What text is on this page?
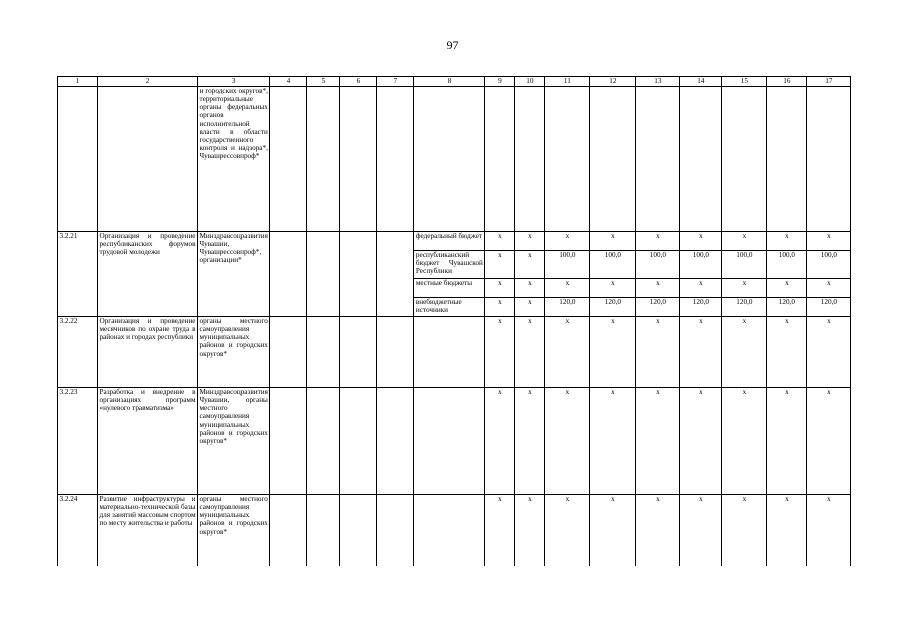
97
1	2	3	4	5	6	7	8	9	10	11	12	13	14	15	16	17
		и городских округов*, территориальные органы федеральных органов исполнительной власти в области государственного контроля и надзора*, Чувашрессовпроф*														
3.2.21	Организация и проведение республиканских форумов трудовой молодежи	Минздравсоцразвития Чувашии, Чувашрессовпроф*, организации*					федеральный бюджет	x	x	x	x	x	x	x	x	x
							республиканский бюджет Чувашской Республики	x	x	100,0	100,0	100,0	100,0	100,0	100,0	100,0
							местные бюджеты	x	x	x	x	x	x	x	x	x
							внебюджетные источники	x	x	120,0	120,0	120,0	120,0	120,0	120,0	120,0
3.2.22	Организация и проведение месячников по охране труда в районах и городах республики	органы местного самоуправления муниципальных районов и городских округов*						x	x	x	x	x	x	x	x	x
3.2.23	Разработка и внедрение в организациях программ «нулевого травматизма»	Минздравсоцразвития Чувашии, органы местного самоуправления муниципальных районов и городских округов*						x	x	x	x	x	x	x	x	x
3.2.24	Развитие инфраструктуры и материально-технической базы для занятий массовым спортом по месту жительства и работы	органы местного самоуправления муниципальных районов и городских округов*						x	x	x	x	x	x	x	x	x
